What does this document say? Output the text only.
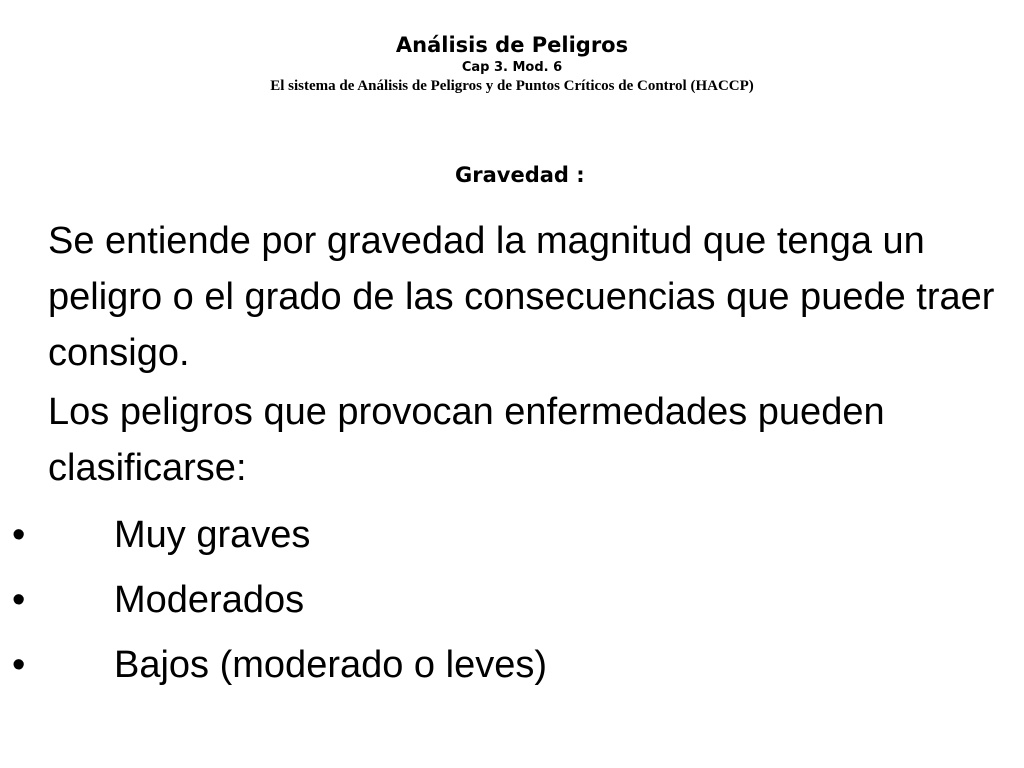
Análisis de Peligros
Cap 3. Mod. 6
El sistema de Análisis de Peligros y de Puntos Críticos de Control (HACCP)
Gravedad :
Se entiende por gravedad la magnitud que tenga un peligro o el grado de las consecuencias que puede traer consigo.
Los peligros que provocan enfermedades pueden clasificarse:
• Muy graves
• Moderados
• Bajos (moderado o leves)
